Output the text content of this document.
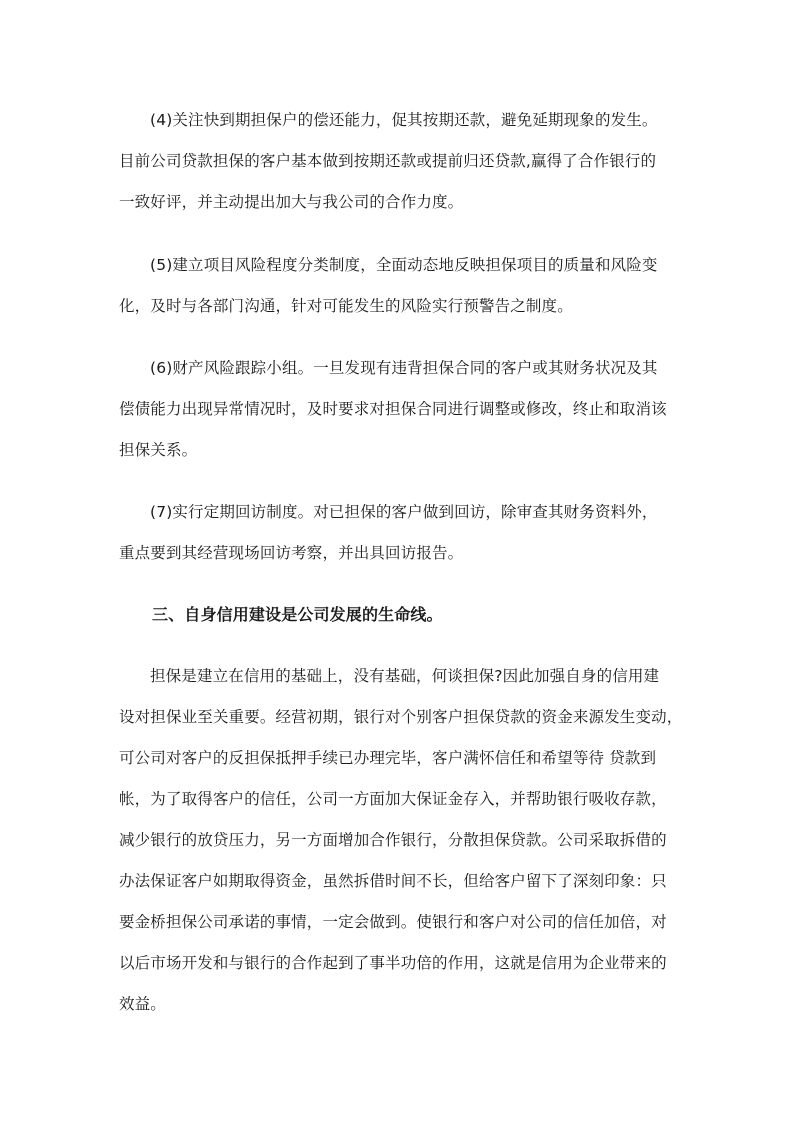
(4)关注快到期担保户的偿还能力，促其按期还款，避免延期现象的发生。
目前公司贷款担保的客户基本做到按期还款或提前归还贷款,赢得了合作银行的
一致好评，并主动提出加大与我公司的合作力度。
(5)建立项目风险程度分类制度，全面动态地反映担保项目的质量和风险变
化，及时与各部门沟通，针对可能发生的风险实行预警告之制度。
(6)财产风险跟踪小组。一旦发现有违背担保合同的客户或其财务状况及其
偿债能力出现异常情况时，及时要求对担保合同进行调整或修改，终止和取消该
担保关系。
(7)实行定期回访制度。对已担保的客户做到回访，除审查其财务资料外，
重点要到其经营现场回访考察，并出具回访报告。
三、自身信用建设是公司发展的生命线。
担保是建立在信用的基础上，没有基础，何谈担保?因此加强自身的信用建
设对担保业至关重要。经营初期，银行对个别客户担保贷款的资金来源发生变动，
可公司对客户的反担保抵押手续已办理完毕，客户满怀信任和希望等待 贷款到
帐，为了取得客户的信任，公司一方面加大保证金存入，并帮助银行吸收存款，
减少银行的放贷压力，另一方面增加合作银行，分散担保贷款。公司采取拆借的
办法保证客户如期取得资金，虽然拆借时间不长，但给客户留下了深刻印象：只
要金桥担保公司承诺的事情，一定会做到。使银行和客户对公司的信任加倍，对
以后市场开发和与银行的合作起到了事半功倍的作用，这就是信用为企业带来的
效益。
